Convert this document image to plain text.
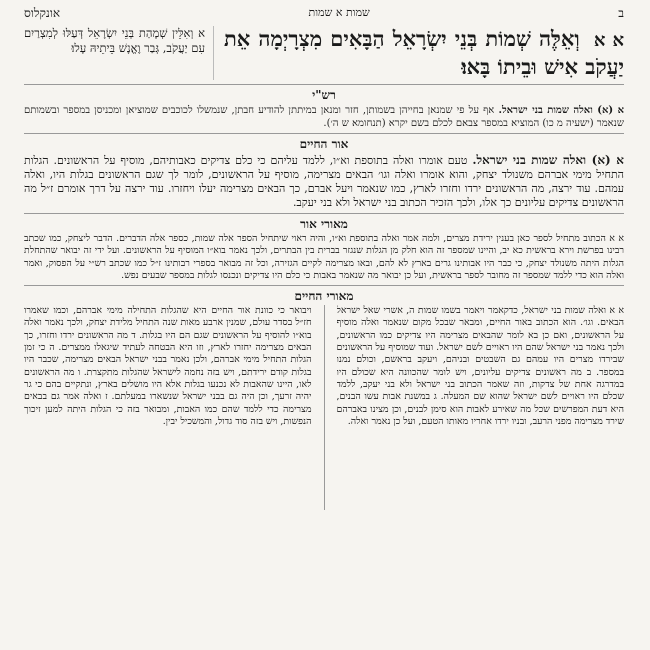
ב
שמות א שמות
אונקלוס
א א וְאֵלֶּה שְׁמוֹת בְּנֵי יִשְׂרָאֵל הַבָּאִים מִצְרָיְמָה אֵת יַעֲקֹב אִישׁ וּבֵיתוֹ בָּאוּ׃
א וְאִלֵּין שְׁמָהַת בְּנֵי יִשְׂרָאֵל דְּעַלּוּ לְמִצְרַיִם עִם יַעֲקֹב, גְּבַר וֶאֱנָשׁ בֵּיתֵיהּ עָלוּ׃
רש"י
א (א) ואלה שמות בני ישראל. אף על פי שמנאן בחייהן בשמותן, חזר ומנאן במיתתן להודיע חבתן, שנמשלו לכוכבים שמוציאן ומכניסן במספר ובשמותם שנאמר (ישעיה מ כו) המוציא במספר צבאם לכלם בשם יקרא (תנחומא ש ה׳).
אור החיים
א (א) ואלה שמות בני ישראל. טעם אומרו ואלה בתוספת וא״ו, ללמד עליהם כי כלם צדיקים כאבותיהם, מוסיף על הראשונים. הגלות התחיל מימי אברהם משנולד יצחק, והוא אומרו ואלה וגו׳ הבאים מצרימה, מוסיף על הראשונים, לומר לך שגם הראשונים בגלות היו, ואלה עמהם. עוד ירצה, מה הראשונים ירדו וחזרו לארץ, כמו שנאמר ויעל אברם, כך הבאים מצרימה יעלו ויחזרו. עוד ירצה על דרך אומרם ז״ל מה הראשונים צדיקים עליונים כך אלו, ולכך הזכיר הכתוב בני ישראל ולא בני יעקב.
מאורי אור
א א הכתוב מתחיל לספר כאן בענין ירידת מצרים, ולמה אמר ואלה בתוספת וא״ו, והיה ראוי שיתחיל הספר אלה שמות, כספר אלה הדברים. הדבר ליצחק, כמו שכתב רבינו בפרשת וירא בראשית כא יב, והיינו שמספר זה הוא חלק מן הגלות שנגזר בברית בין הבתרים, ולכך נאמר בוא״ו המוסיף על הראשונים. ועל ידי זה יבואר שהתחלת הגלות היתה משנולד יצחק, כי כבר היו אבותינו גרים בארץ לא להם, ובאו מצרימה לקיים הגזירה, וכל זה מבואר בספרי רבותינו ז״ל כמו שכתב רש״י על הפסוק, ואמר ואלה הוא כדי ללמד שמספר זה מחובר לספר בראשית, ועל כן יבואר מה שנאמר באבות כי כלם היו צדיקים ונכנסו לגלות במספר שבעים נפש.
מאורי החיים
א א ואלה שמות בני ישראל, כדקאמר ויאמר בשמו שמות ה, אשרי שאל ישראל הבאים. וגו׳. הוא הכתוב באור החיים, ומבאר שבכל מקום שנאמר ואלה מוסיף על הראשונים, ואם כן בא לומר שהבאים מצרימה היו צדיקים כמו הראשונים, ולכך נאמר בני ישראל שהם היו ראויים לשם ישראל. ועוד שמוסיף על הראשונים שבירדו מצרים היו עמהם גם השבטים ובניהם, ויעקב בראשם, וכולם נמנו במספר. ב מה ראשונים צדיקים עליונים, ויש לומר שהכוונה היא שכולם היו במדרגה אחת של צדקות, וזה שאמר הכתוב בני ישראל ולא בני יעקב, ללמד שכלם היו ראויים לשם ישראל שהוא שם המעלה. ג במשנת אבות עשו הבנים, היא דעת המפרשים שכל מה שאירע לאבות הוא סימן לבנים, וכן מצינו באברהם שירד מצרימה מפני הרעב, ובניו ירדו אחריו מאותו הטעם, ועל כן נאמר ואלה.
ויבואר כי כוונת אור החיים היא שהגלות התחילה מימי אברהם, וכמו שאמרו חז״ל בסדר עולם, שמנין ארבע מאות שנה התחיל מלידת יצחק, ולכך נאמר ואלה בוא״ו להוסיף על הראשונים שגם הם היו בגלות. ד מה הראשונים ירדו וחזרו, כך הבאים מצרימה יחזרו לארץ, וזו היא הבטחה לעתיד שיגאלו ממצרים. ה כי זמן הגלות התחיל מימי אברהם, ולכן נאמר בבני ישראל הבאים מצרימה, שכבר היו בגלות קודם ירידתם, ויש בזה נחמה לישראל שהגלות מתקצרת. ו מה הראשונים לאו, היינו שהאבות לא נכנעו בגלות אלא היו מושלים בארץ, ונתקיים בהם כי גר יהיה זרעך, וכן היה גם בבני ישראל שנשארו במעלתם. ז ואלה אמר גם בבאים מצרימה כדי ללמד שהם כמו האבות, ומבואר בזה כי הגלות היתה למען זיכוך הנפשות, ויש בזה סוד גדול, והמשכיל יבין.
